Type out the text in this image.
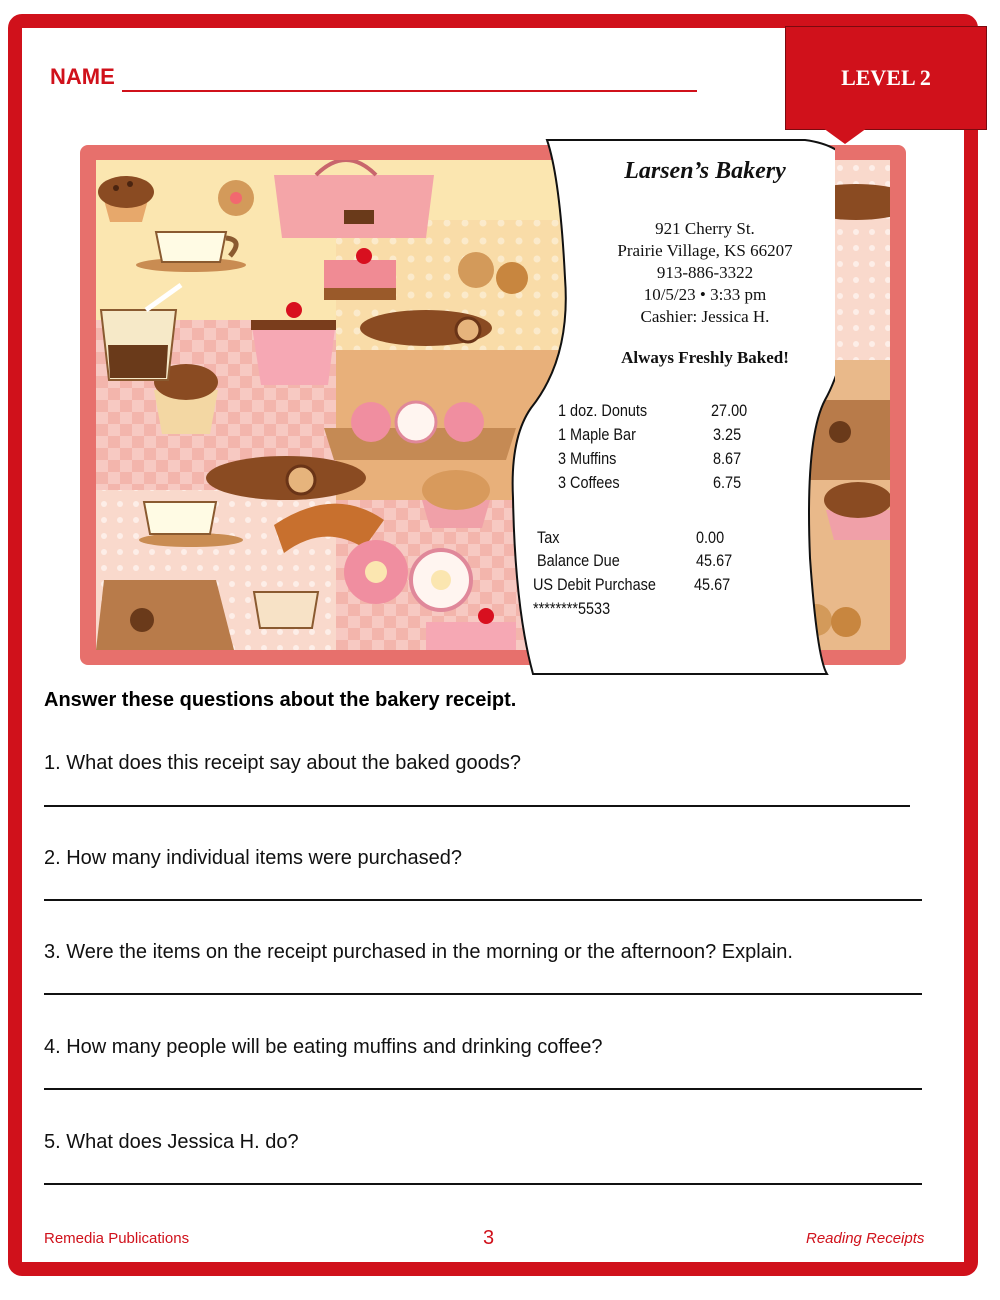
NAME	LEVEL 2
Larsen’s Bakery
921 Cherry St.
Prairie Village, KS 66207
913-886-3322
10/5/23 • 3:33 pm
Cashier: Jessica H.
Always Freshly Baked!
1 doz. Donuts	27.00
1 Maple Bar	3.25
3 Muffins	8.67
3 Coffees	6.75
Tax	0.00
Balance Due	45.67
US Debit Purchase 45.67
********5533
Answer these questions about the bakery receipt.
1. What does this receipt say about the baked goods?
2. How many individual items were purchased?
3. Were the items on the receipt purchased in the morning or the afternoon? Explain.
4. How many people will be eating muffins and drinking coffee?
5. What does Jessica H. do?
Remedia Publications	3	Reading Receipts
